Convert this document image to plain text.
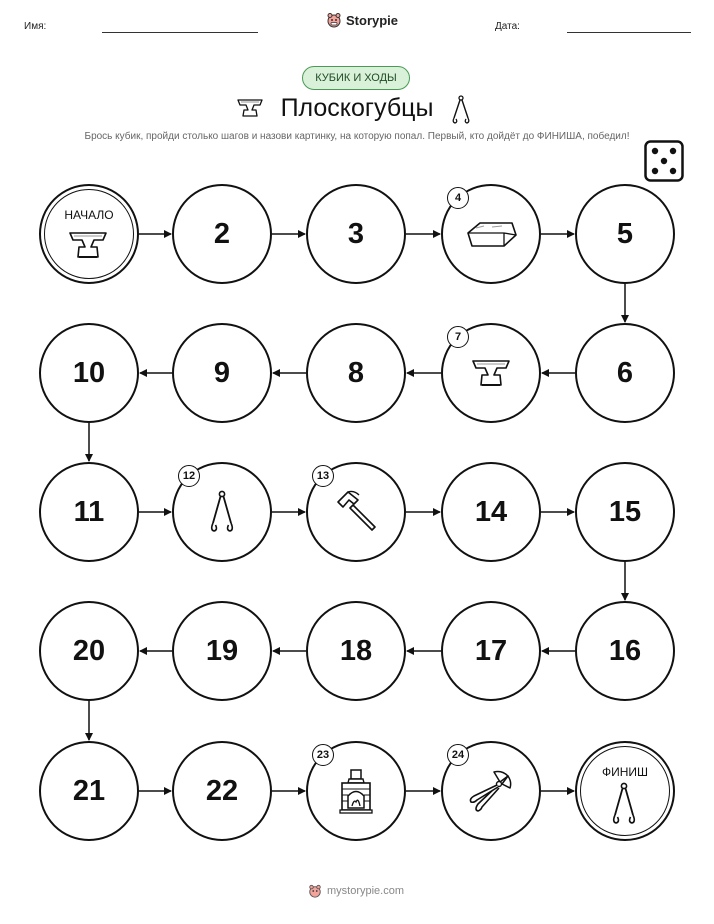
Имя:	Storypie	Дата:
КУБИК И ХОДЫ
Плоскогубцы
Брось кубик, пройди столько шагов и назови картинку, на которую попал. Первый, кто дойдёт до ФИНИША, победил!
НАЧАЛО
2	3
4
5
6
7
8
9
10
11
12	13
14	15
16
17
18
19
20
21	22
23	24
ФИНИШ
mystorypie.com
